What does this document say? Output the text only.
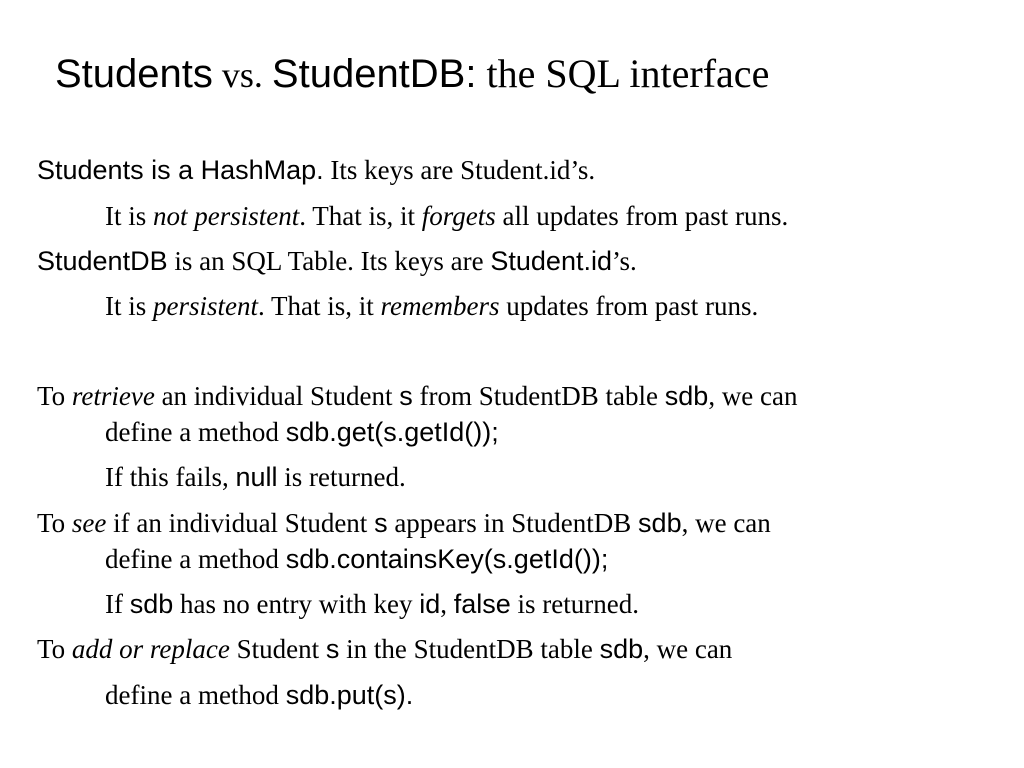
Students vs. StudentDB: the SQL interface
Students is a HashMap. Its keys are Student.id’s.
It is not persistent. That is, it forgets all updates from past runs.
StudentDB is an SQL Table. Its keys are Student.id’s.
It is persistent. That is, it remembers updates from past runs.
To retrieve an individual Student s from StudentDB table sdb, we can
define a method sdb.get(s.getId());
If this fails, null is returned.
To see if an individual Student s appears in StudentDB sdb, we can
define a method sdb.containsKey(s.getId());
If sdb has no entry with key id, false is returned.
To add or replace Student s in the StudentDB table sdb, we can
define a method sdb.put(s).
